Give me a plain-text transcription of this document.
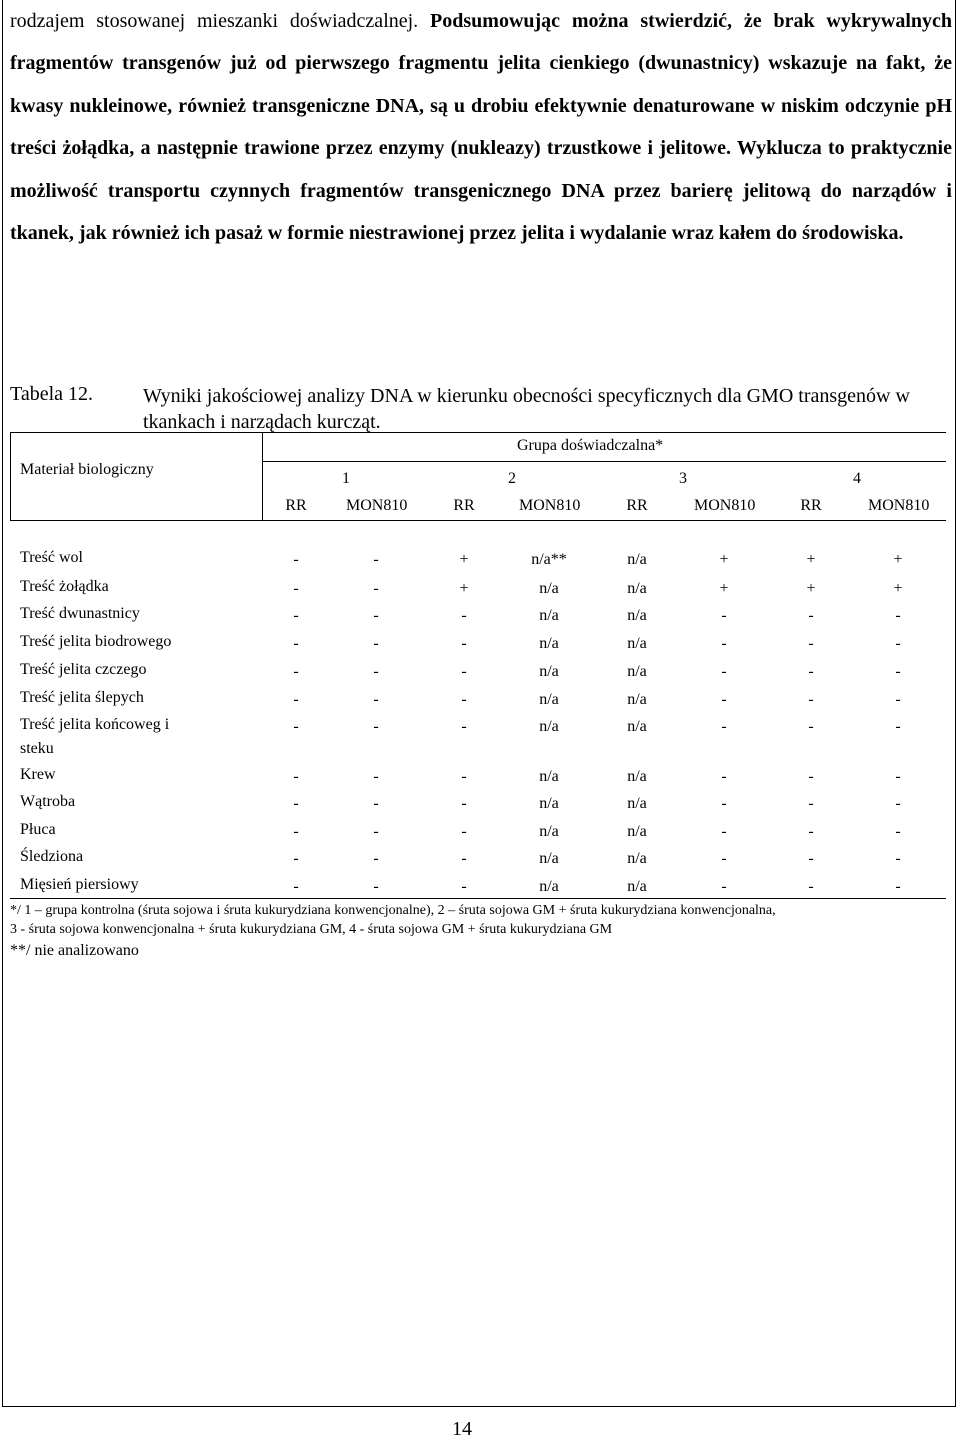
rodzajem stosowanej mieszanki doświadczalnej. Podsumowując można stwierdzić, że brak wykrywalnych fragmentów transgenów już od pierwszego fragmentu jelita cienkiego (dwunastnicy) wskazuje na fakt, że kwasy nukleinowe, również transgeniczne DNA, są u drobiu efektywnie denaturowane w niskim odczynie pH treści żołądka, a następnie trawione przez enzymy (nukleazy) trzustkowe i jelitowe. Wyklucza to praktycznie możliwość transportu czynnych fragmentów transgenicznego DNA przez barierę jelitową do narządów i tkanek, jak również ich pasaż w formie niestrawionej przez jelita i wydalanie wraz kałem do środowiska.

Tabela 12. Wyniki jakościowej analizy DNA w kierunku obecności specyficznych dla GMO transgenów w tkankach i narządach kurcząt.
Materiał biologiczny
Grupa doświadczalna*
1	2	3	4
RR	MON810	RR	MON810	RR	MON810	RR	MON810
Treść wol	-	-	+	n/a**	n/a	+	+	+
Treść żołądka	-	-	+	n/a	n/a	+	+	+
Treść dwunastnicy	-	-	-	n/a	n/a	-	-	-
Treść jelita biodrowego	-	-	-	n/a	n/a	-	-	-
Treść jelita czczego	-	-	-	n/a	n/a	-	-	-
Treść jelita ślepych	-	-	-	n/a	n/a	-	-	-
Treść jelita końcoweg i
steku
-	-	-	n/a	n/a	-	-	-
Krew	-	-	-	n/a	n/a	-	-	-
Wątroba	-	-	-	n/a	n/a	-	-	-
Płuca	-	-	-	n/a	n/a	-	-	-
Śledziona	-	-	-	n/a	n/a	-	-	-
Mięsień piersiowy	-	-	-	n/a	n/a	-	-	-
*/ 1 – grupa kontrolna (śruta sojowa i śruta kukurydziana konwencjonalne), 2 – śruta sojowa GM + śruta kukurydziana konwencjonalna,
3 - śruta sojowa konwencjonalna + śruta kukurydziana GM, 4 - śruta sojowa GM + śruta kukurydziana GM
**/ nie analizowano
14
